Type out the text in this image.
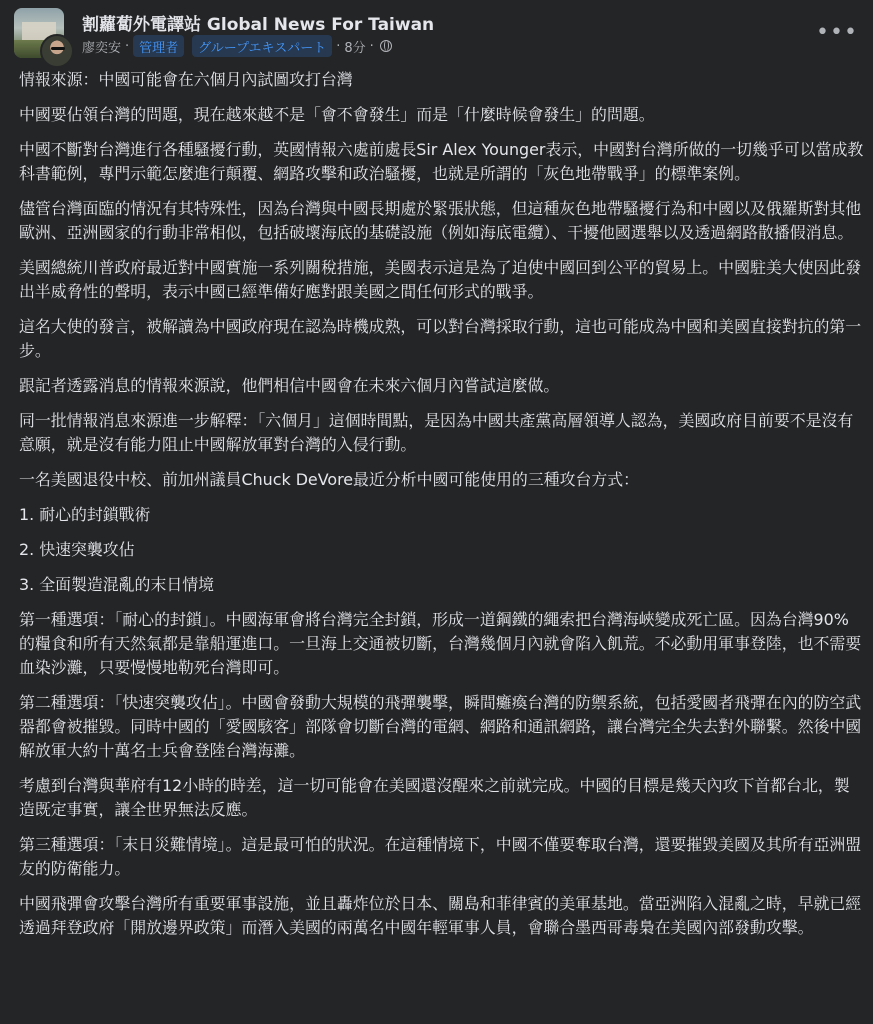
割蘿蔔外電譯站 Global News For Taiwan
廖奕安 · 管理者	グループエキスパート · 8分 ·
•••

情報來源：中國可能會在六個月內試圖攻打台灣

中國要佔領台灣的問題，現在越來越不是「會不會發生」而是「什麼時候會發生」的問題。

中國不斷對台灣進行各種騷擾行動，英國情報六處前處長Sir Alex Younger表示，中國對台灣所做的一切幾乎可以當成教科書範例，專門示範怎麼進行顛覆、網路攻擊和政治騷擾，也就是所謂的「灰色地帶戰爭」的標準案例。

儘管台灣面臨的情況有其特殊性，因為台灣與中國長期處於緊張狀態，但這種灰色地帶騷擾行為和中國以及俄羅斯對其他歐洲、亞洲國家的行動非常相似，包括破壞海底的基礎設施（例如海底電纜）、干擾他國選舉以及透過網路散播假消息。

美國總統川普政府最近對中國實施一系列關稅措施，美國表示這是為了迫使中國回到公平的貿易上。中國駐美大使因此發出半威脅性的聲明，表示中國已經準備好應對跟美國之間任何形式的戰爭。

這名大使的發言，被解讀為中國政府現在認為時機成熟，可以對台灣採取行動，這也可能成為中國和美國直接對抗的第一步。

跟記者透露消息的情報來源說，他們相信中國會在未來六個月內嘗試這麼做。

同一批情報消息來源進一步解釋：「六個月」這個時間點，是因為中國共產黨高層領導人認為，美國政府目前要不是沒有意願，就是沒有能力阻止中國解放軍對台灣的入侵行動。

一名美國退役中校、前加州議員Chuck DeVore最近分析中國可能使用的三種攻台方式：

1. 耐心的封鎖戰術

2. 快速突襲攻佔

3. 全面製造混亂的末日情境

第一種選項：「耐心的封鎖」。中國海軍會將台灣完全封鎖，形成一道鋼鐵的繩索把台灣海峽變成死亡區。因為台灣90%的糧食和所有天然氣都是靠船運進口。一旦海上交通被切斷，台灣幾個月內就會陷入飢荒。不必動用軍事登陸，也不需要血染沙灘，只要慢慢地勒死台灣即可。

第二種選項：「快速突襲攻佔」。中國會發動大規模的飛彈襲擊，瞬間癱瘓台灣的防禦系統，包括愛國者飛彈在內的防空武器都會被摧毀。同時中國的「愛國駭客」部隊會切斷台灣的電網、網路和通訊網路，讓台灣完全失去對外聯繫。然後中國解放軍大約十萬名士兵會登陸台灣海灘。

考慮到台灣與華府有12小時的時差，這一切可能會在美國還沒醒來之前就完成。中國的目標是幾天內攻下首都台北，製造既定事實，讓全世界無法反應。

第三種選項：「末日災難情境」。這是最可怕的狀況。在這種情境下，中國不僅要奪取台灣，還要摧毀美國及其所有亞洲盟友的防衛能力。

中國飛彈會攻擊台灣所有重要軍事設施，並且轟炸位於日本、關島和菲律賓的美軍基地。當亞洲陷入混亂之時，早就已經透過拜登政府「開放邊界政策」而潛入美國的兩萬名中國年輕軍事人員，會聯合墨西哥毒梟在美國內部發動攻擊。
